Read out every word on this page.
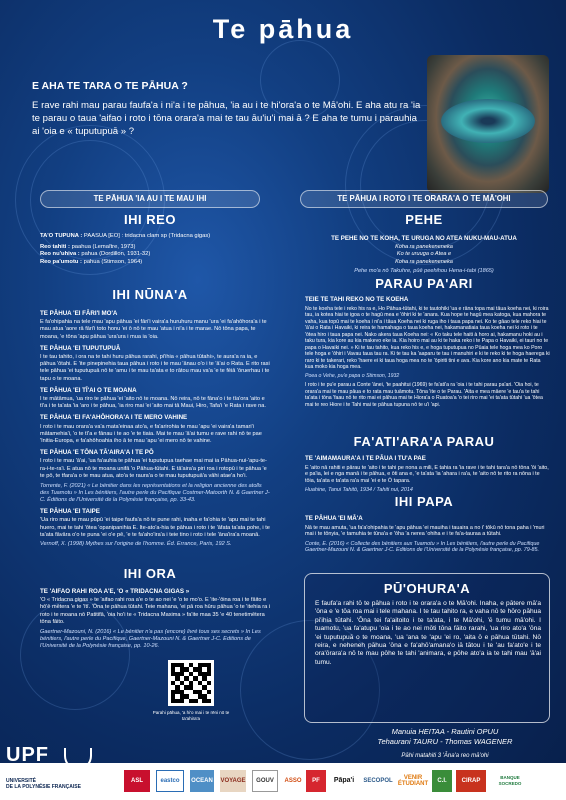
Te pāhua
E AHA TE TARA O TE PĀHUA ?

E rave rahi mau parau faufa'a i ni'a i te pāhua, 'ia au i te hi'ora'a o te Mā'ohi. E aha atu ra 'ia te parau o taua 'aifao i roto i tōna orara'a mai te tau āu'iu'i mai ā ? E aha te tumu i parauhia ai 'oia e « tuputupuā » ?

TE PĀHUA 'IA AU I TE MAU IHI
IHI REO

TA'O TUPUNA : PAASUA [EO] : tridacna clam sp (Tridacna gigas)

Reo tahiti : paahua (Lemaître, 1973)
Reo nu'uhiva : pahua (Dordillon, 1931-32)
Reo pa'umotu : pahua (Stimson, 1964)

IHI NŪNA'A
TE PĀHUA 'EI FĀRI'I MO'A

E fa'ohipahia na tele mau 'apu pāhua 'ei fāri'i vaira'a huruhuru manu 'ura 'ei fa'ahōhora'a i te mau atua 'aore rā fāri'i toto honu 'ei ō nō te mau 'atua i ni'a i te marae. Nō tōna papa, te moana, 'e tōna 'apu pāhua 'ura'ura i mua ia 'oia.

TE PĀHUA 'EI TUPUTUPUĀ

I te tau tahito, i ora na te tahi huru pāhua rarahi, pi'ihia « pāhua tūtahi», te aura'a ra ia, e pāhua 'ōtahi. E 'ite pinepinehia taua pāhua i roto i te mau 'ānau o'o i te 'ā'ai o Rata. E rito rasi tele pāhua 'ei tuputupuā nō te 'amu i te mau ta'ata e to rātou mau va'a 'e te fēiā 'ōruerhau i te tapu o te moana.

TE PĀHUA 'EI TĪ'AI O TE MOANA

I te mātāmua, 'ua riro te pāhua 'ei 'aito nō te moana. Nō reira, nō te fāna'o i te tīa'ora 'aito e tī'a i te ta'ata 'ia 'aro i te pāhua, 'ia riro mai 'ei 'aito mai tā Maui, Hiro, Tafa'i 'e Rata i rave na.

TE PĀHUA 'EI FA'AHŌHORA'A I TE MERO VAHINE

I roto i te mau orara'a va'a mata'einaa ato'a, e fa'arirohia te mau 'apu 'ei vaira'a tamari'i mātamehia'i, 'o te tī'a e fānau i te ao 'e te tiaia. Mai te mau 'ā'ai tumu e rave rahi nō te pae 'Initia-Europa, e fa'ahōhoahia iho ā te mau 'apu 'ei mero nō te vahine.

TE PĀHUA 'E TŌNA TĀ'AIRA'A I TE PŌ

I roto i te mau 'ā'ai, 'ua fa'auhia te pāhua 'ei tuputupua taehae mai mai ia Pāhua-nui-'apu-te-ra-i-te-ra'i. E atua nō te moana unifā 'o Pāhua-tūtahi. E tā'aira'a piri roa i rotopū i te pāhua 'e te pō, te tfara'a o te mau atua, ato'a te raura'a o te mau tuputupuā'a vāhi atae'a ho'i.

Torrente, F. (2021) « Le bénitier dans les représentations et la religion ancienne des atolls des Tuamotu » In Les bénitiers, l'autre perle du Pacifique Costmer-Matoorth N. & Gaertner J-C. Éditions de l'Université de la Polynésie française, pp. 33-43.

TE PĀHUA 'EI TAIPE

'Ua riro mau te mau pūpū 'ei taipe faufa'a nō te pune rahi, inaha e fa'ohia te 'apu mai te tahi huero, mai te tahi 'ōtea 'opanipanihia E. Ite-ato'a-hia te pāhua i roto i te 'āfata ta'ata pohe, i te ta'ata fāvāra o'o te puna 'ei o'e pē, 'e te fa'aho'ira'a i teie tino i roto i tele 'āna'ira'a moanā.

Vernoff, X. (1998) Mythes sur l'origine de l'homme. Éd. Errance, Paris, 192 S.

IHI ORA
TE 'AIFAO RAHI ROA A'E, 'O « TRIDACNA GIGAS »

'O « Tridacna gigas » te 'aifao rahi roa a'e o te ao nei 'e 'o te mo'o. E 'ite-'ōina roa i te fāito e hō'ē mētera 'e te 'ītī. 'Ōna te pāhua tūtahi. Teie mahana, 'ei pā roa hūru pāhua 'o te 'itehia ra i roto i te moana nō Patitifā, 'oia ho'i te « Tridacna Maxima » fa'ite maa 35 'e 40 tenetimētera tōna fāito.

Gaertner-Mazouni, N. (2016) « Le bénitier n'a pas (encore) livré tous ses secrets » In Les bénitiers, l'autre perle du Pacifique, Gaertner-Mazouni N. & Gaertner J-C. Editions de l'Université de la Polynésie française, pp. 10-26.

Parahi pāhua, 'a hi'o mai i te rēni nō te ta'ahira'a
TE PĀHUA I ROTO I TE ORARA'A O TE MĀ'OHI
PEHE
TE PEHE NO TE KOHA, TE URUGA NO ATEA NUKU-MAU-ATUA
Koha ra panekeneneka
Ko te uruuga o Atea e
Koha ra panekeneneka
Pehe mo'a nō Takuhre, pūē peehihou Hena-i-tabi (1865)
PARAU PA'ARI
TEIE TE TAHI REKO NO TE KOEHA

No te koeha tele i reko his ra e, Ho Pāhua-tūtahi, ki te tautohiki 'ua e rāna topa mai tāua koeha nei, ki roira tau, ia kotea hiai te igoa o te hagū mea e 'ōhiri ki te 'anara. Kua hope te hagū mea katoga, kua mahora te vaha, kua topū mai te koeha i ni'a i tāua Koeha nei ki ruga iho i taua papa nei. Ko te gāao tele reko hiai te 'ā'ai o Rata i Havaiki, ki reira te hamahaga o taua koeha nei, hakamanatiaia taua koeha nei ki roto i te 'ōtea hiro i taua papa nei. Nako akera taua Koeha nei: « Ko taku tele haiti à horo ai, hakamanu hoki au i taku tura, kia kore au kia makevo eke ia. Kia hoiro mai au ki te haka reko i te Papa o Havaiki, ei tauri no te papa o Havaiki nei. » Ki te tau tahito, kua reko his e, e hoga tuputupua no Pūaia tele hoga mea ko Poro tele hoga e 'ōhiri i Vavau taua tau ra. Ki te tau ka 'aaparu te tau i manuhiri e ki te reko ki te hoga haerega ki raro ki te takerari, reko 'haere ei ki taua hoga mea no te 'ōpiriti tini e ava. Kia kore ano kia mate te Rata kua moko kia hoga mea.

Poea o Vehe, pu'e papa o Stimson, 1932

I roto i te pu'e parau a Conte 'ānei, 'te paahitui (1969) te fa'ati'a ra 'oia i te tahi parau pa'ari. 'Oia hoi, te orara'a mai te mau pāua e to rata mau tuāmotu. Tōna 'ite o te Parau. 'Aita e mea māere 'e tau'a te tahi ta'ata i tōna 'faau nō te rito mai ei pāhua mai te Hiora'a o Ruatoa'a 'o tei riro mai 'ei ta'ata tūtahi 'ua 'ōtea mai te reo Hiore i te Tahi mai te pāhua tupuna nō te u'i 'api.

FA'ATI'ARA'A PARAU
TE 'AIMAMAURA'A I TE PĀUA I TU'A PAE

E 'aito nā rahiti e pārau te 'aito i te tahi pe nona a mili, E tahia ra 'ia rave i te tahi tara'a nō tōna 'ōi 'aito, e pa'ia, lei e nga manā i te pāhua, e ōti ana e, 'e ta'ata 'ia 'ahara i ra'a, te 'aito nō te rito ra nōna i te tōia, ta'ata e ta'ata ra'a mai 'ei e te Ō tapara.

Huahine, Tanui Tahitō, 1934 / Tahiti nui, 2014

IHI PAPA
TE PĀHUA 'EI MĀ'A

Nā te mau amuta, 'ua fa'a'ohipahia te 'apu pāhua 'ei mauiha i tauaira a no i' tōkū nō tona paha i 'muri mai i te tōnyia, 'e tamuhia te tūna'a e 'ōha 'a nerea 'ohiha e i te fa'a-tauraa a tūtahi.

Conte, E. (2016) « Collecte des bénitiers aux Tuamotu » In Les bénitiers, l'autre perle du Pacifique Gaertner-Mazouni N. & Gaertner J-C. Editions de l'Université de la Polynésie française, pp. 79-85.

PŪ'OHURA'A
E faufa'a rahi tō te pāhua i roto i te orara'a o te Mā'ohi. Inaha, e pātere mā'a 'ōna e 'e tōa roa mai i tele mahana. I te tau tahito ra, e vaha nō te hōro pāhua pi'ihia tūtahi. 'Ōna tei fa'aitoito i te ta'ata, i te Mā'ohi, 'ē tumu mā'ohi. I tuamotu, 'ua fa'atupu 'oia i te ao nei mōti tōna fāito rarahi, 'ua riro ato'a 'ōna 'ei tuputupuā o te moana, 'ua 'ana te 'apu 'ei ro, 'aita ō e pāhua tūtahi. Nō reira, e neheneh pāhua 'ōna e fa'ahō'amana'o iā tātou i te 'au fa'ato'e i te ora'ōrara'a nō te mau pōhe te tahi 'animara, e pōhe ato'a ia te tahi mau 'ā'ai tumu.
Manuia HEITAA - Rautini OPUU
Tehaurani TAURU - Thomas WAGENER
Pāhi matahiti 3 'Āna'a reo mā'ohi
UPF
UNIVERSITÉ
DE LA POLYNÉSIE FRANÇAISE
ASL	eastco	OCEAN VOYAGE	GOUV	ASSO	PF	Pāpa'i	SECOPOL
VENIR ÉTUDIANT
C.I.	CIRAP
BANQUE SOCREDO
